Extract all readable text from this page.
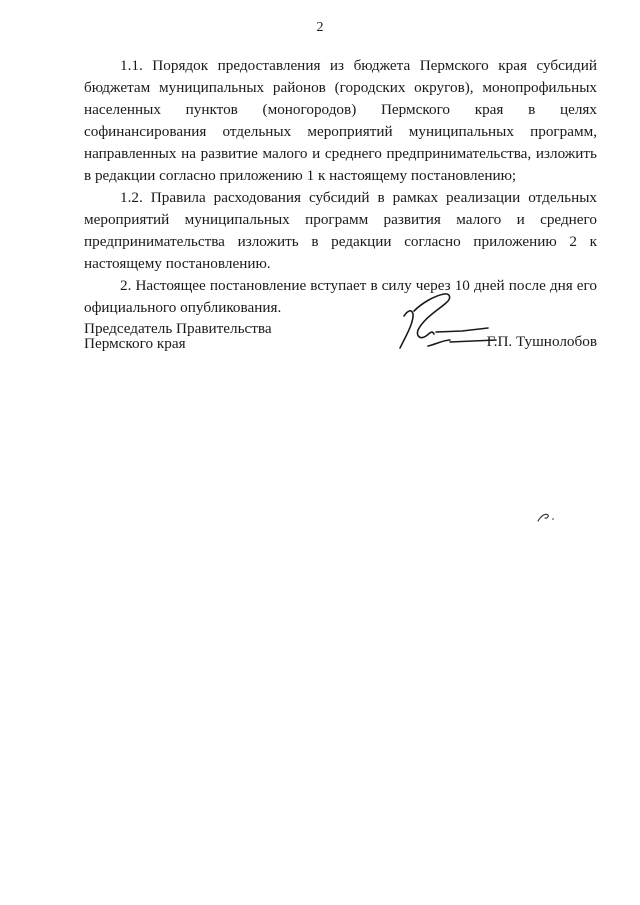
2

1.1. Порядок предоставления из бюджета Пермского края субсидий бюджетам муниципальных районов (городских округов), монопрофильных населенных пунктов (моногородов) Пермского края в целях софинансирования отдельных мероприятий муниципальных программ, направленных на развитие малого и среднего предпринимательства, изложить в редакции согласно приложению 1 к настоящему постановлению;

1.2. Правила расходования субсидий в рамках реализации отдельных мероприятий муниципальных программ развития малого и среднего предпринимательства изложить в редакции согласно приложению 2 к настоящему постановлению.

2. Настоящее постановление вступает в силу через 10 дней после дня его официального опубликования.

Председатель Правительства
Пермского края	Г.П. Тушнолобов
